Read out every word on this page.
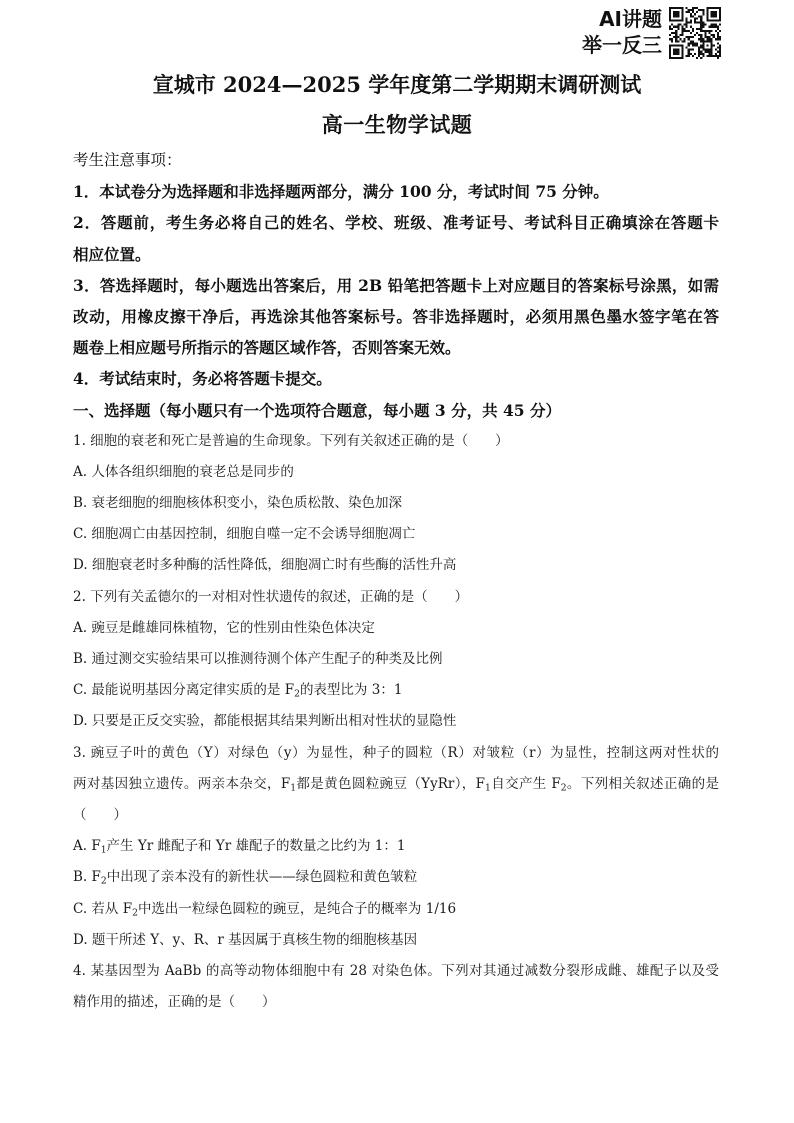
AI讲题
举一反三
宣城市 2024—2025 学年度第二学期期末调研测试
高一生物学试题
考生注意事项：
1．本试卷分为选择题和非选择题两部分，满分 100 分，考试时间 75 分钟。
2．答题前，考生务必将自己的姓名、学校、班级、准考证号、考试科目正确填涂在答题卡
相应位置。
3．答选择题时，每小题选出答案后，用 2B 铅笔把答题卡上对应题目的答案标号涂黑，如需
改动，用橡皮擦干净后，再选涂其他答案标号。答非选择题时，必须用黑色墨水签字笔在答
题卷上相应题号所指示的答题区域作答，否则答案无效。
4．考试结束时，务必将答题卡提交。
一、选择题（每小题只有一个选项符合题意，每小题 3 分，共 45 分）
1. 细胞的衰老和死亡是普遍的生命现象。下列有关叙述正确的是（　　）
A. 人体各组织细胞的衰老总是同步的
B. 衰老细胞的细胞核体积变小，染色质松散、染色加深
C. 细胞凋亡由基因控制，细胞自噬一定不会诱导细胞凋亡
D. 细胞衰老时多种酶的活性降低，细胞凋亡时有些酶的活性升高
2. 下列有关孟德尔的一对相对性状遗传的叙述，正确的是（　　）
A. 豌豆是雌雄同株植物，它的性别由性染色体决定
B. 通过测交实验结果可以推测待测个体产生配子的种类及比例
C. 最能说明基因分离定律实质的是 $F_2$的表型比为 3：1
D. 只要是正反交实验，都能根据其结果判断出相对性状的显隐性
3. 豌豆子叶的黄色（Y）对绿色（y）为显性，种子的圆粒（R）对皱粒（r）为显性，控制这两对性状的
两对基因独立遗传。两亲本杂交，$F_1$都是黄色圆粒豌豆（YyRr），$F_1$自交产生 $F_2$。下列相关叙述正确的是
（　　）
A. $F_1$产生 Yr 雌配子和 Yr 雄配子的数量之比约为 1：1
B. $F_2$中出现了亲本没有的新性状——绿色圆粒和黄色皱粒
C. 若从 $F_2$中选出一粒绿色圆粒的豌豆，是纯合子的概率为 1/16
D. 题干所述 Y、y、R、r 基因属于真核生物的细胞核基因
4. 某基因型为 AaBb 的高等动物体细胞中有 28 对染色体。下列对其通过减数分裂形成雌、雄配子以及受
精作用的描述，正确的是（　　）
